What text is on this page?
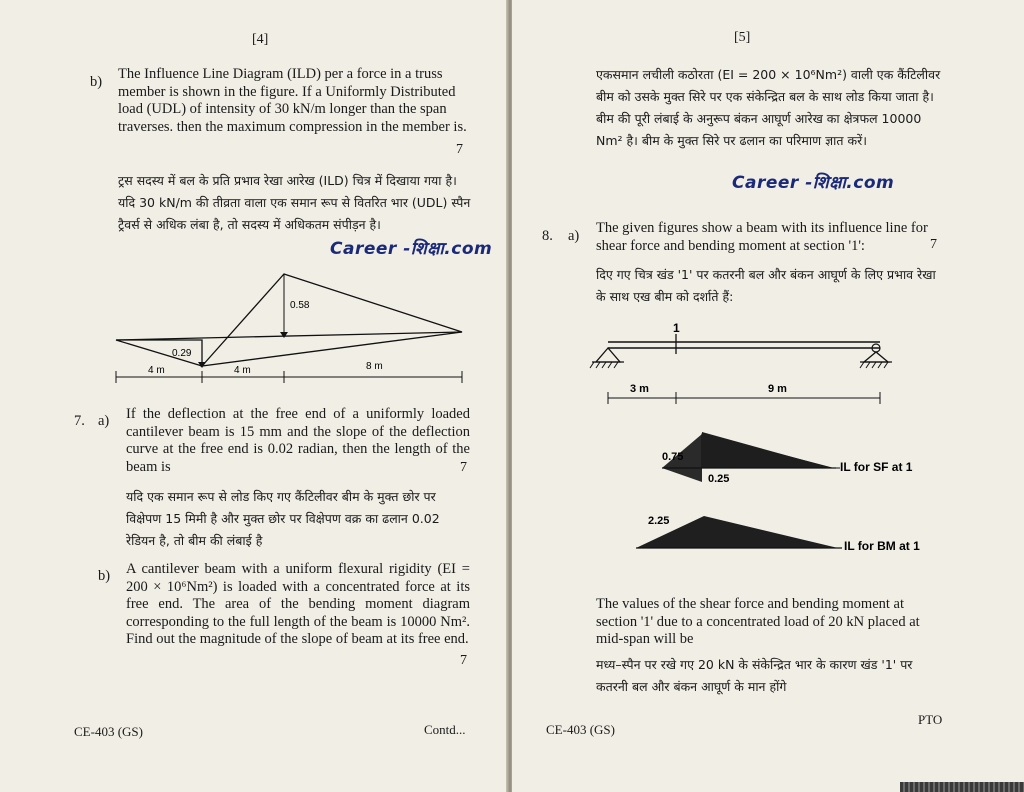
[4]

b) The Influence Line Diagram (ILD) per a force in a truss member is shown in the figure. If a Uniformly Distributed load (UDL) of intensity of 30 kN/m longer than the span traverses. then the maximum compression in the member is.

7

ट्रस सदस्य में बल के प्रति प्रभाव रेखा आरेख (ILD) चित्र में दिखाया गया है। यदि 30 kN/m की तीव्रता वाला एक समान रूप से वितरित भार (UDL) स्पैन ट्रैवर्स से अधिक लंबा है, तो सदस्य में अधिकतम संपीड़न है।

Career -शिक्षा.com
0.29
0.58
4 m	4 m	8 m

7. a) If the deflection at the free end of a uniformly loaded cantilever beam is 15 mm and the slope of the deflection curve at the free end is 0.02 radian, then the length of the beam is	7

यदि एक समान रूप से लोड किए गए कैंटिलीवर बीम के मुक्त छोर पर विक्षेपण 15 मिमी है और मुक्त छोर पर विक्षेपण वक्र का ढलान 0.02 रेडियन है, तो बीम की लंबाई है

b) A cantilever beam with a uniform flexural rigidity (EI = 200 × 10⁶Nm²) is loaded with a concentrated force at its free end. The area of the bending moment diagram corresponding to the full length of the beam is 10000 Nm². Find out the magnitude of the slope of beam at its free end.

7

CE-403 (GS)	Contd...

[5]

एकसमान लचीली कठोरता (EI = 200 × 10⁶Nm²) वाली एक कैंटिलीवर बीम को उसके मुक्त सिरे पर एक संकेन्द्रित बल के साथ लोड किया जाता है। बीम की पूरी लंबाई के अनुरूप बंकन आघूर्ण आरेख का क्षेत्रफल 10000 Nm² है। बीम के मुक्त सिरे पर ढलान का परिमाण ज्ञात करें।

Career -शिक्षा.com

8. a) The given figures show a beam with its influence line for shear force and bending moment at section '1':	7

दिए गए चित्र खंड '1' पर कतरनी बल और बंकन आघूर्ण के लिए प्रभाव रेखा के साथ एख बीम को दर्शाते हैं:

1
3 m	9 m
0.75
0.25
IL for SF at 1
2.25
IL for BM at 1

The values of the shear force and bending moment at section '1' due to a concentrated load of 20 kN placed at mid-span will be

मध्य–स्पैन पर रखे गए 20 kN के संकेन्द्रित भार के कारण खंड '1' पर कतरनी बल और बंकन आघूर्ण के मान होंगे

CE-403 (GS)

PTO
